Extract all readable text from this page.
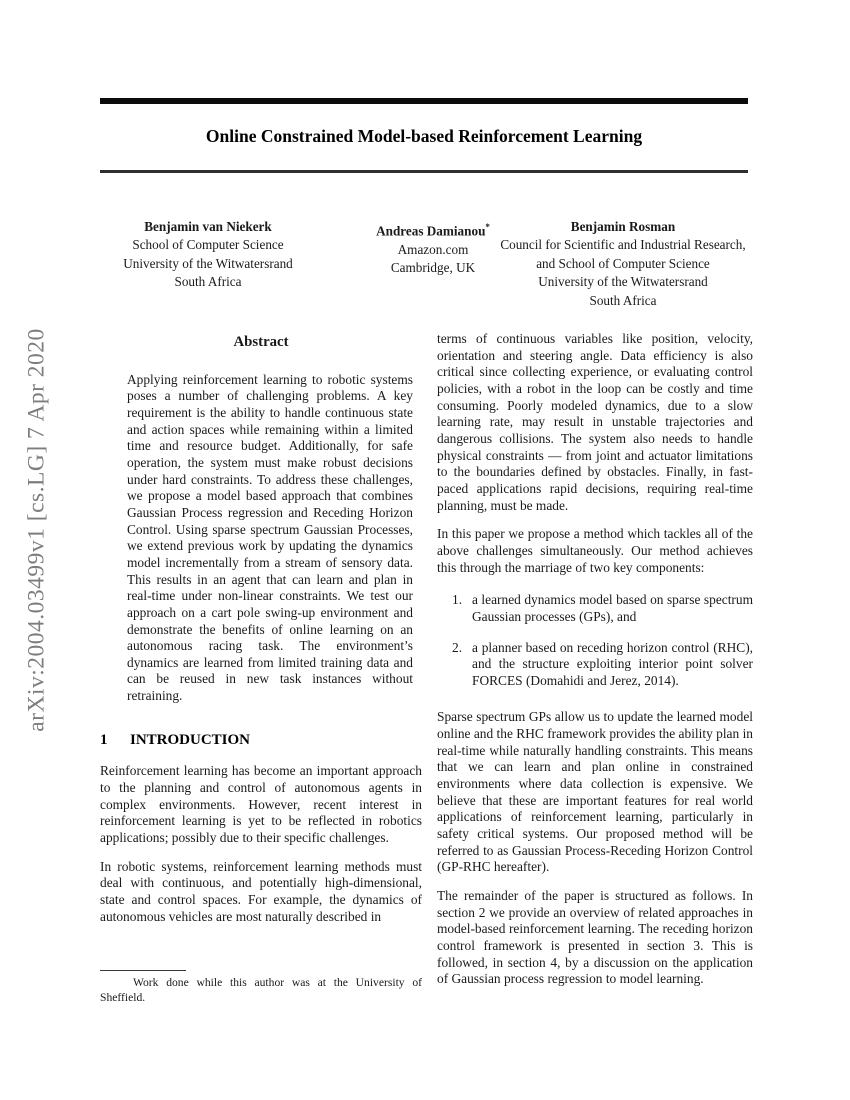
arXiv:2004.03499v1 [cs.LG] 7 Apr 2020
Online Constrained Model-based Reinforcement Learning
Benjamin van Niekerk
School of Computer Science
University of the Witwatersrand
South Africa
Andreas Damianou*
Amazon.com
Cambridge, UK
Benjamin Rosman
Council for Scientific and Industrial Research,
and School of Computer Science
University of the Witwatersrand
South Africa
Abstract

Applying reinforcement learning to robotic systems poses a number of challenging problems. A key requirement is the ability to handle continuous state and action spaces while remaining within a limited time and resource budget. Additionally, for safe operation, the system must make robust decisions under hard constraints. To address these challenges, we propose a model based approach that combines Gaussian Process regression and Receding Horizon Control. Using sparse spectrum Gaussian Processes, we extend previous work by updating the dynamics model incrementally from a stream of sensory data. This results in an agent that can learn and plan in real-time under non-linear constraints. We test our approach on a cart pole swing-up environment and demonstrate the benefits of online learning on an autonomous racing task. The environment’s dynamics are learned from limited training data and can be reused in new task instances without retraining.

1	INTRODUCTION

Reinforcement learning has become an important approach to the planning and control of autonomous agents in complex environments. However, recent interest in reinforcement learning is yet to be reflected in robotics applications; possibly due to their specific challenges.

In robotic systems, reinforcement learning methods must deal with continuous, and potentially high-dimensional, state and control spaces. For example, the dynamics of autonomous vehicles are most naturally described in

Work done while this author was at the University of Sheffield.

terms of continuous variables like position, velocity, orientation and steering angle. Data efficiency is also critical since collecting experience, or evaluating control policies, with a robot in the loop can be costly and time consuming. Poorly modeled dynamics, due to a slow learning rate, may result in unstable trajectories and dangerous collisions. The system also needs to handle physical constraints — from joint and actuator limitations to the boundaries defined by obstacles. Finally, in fast-paced applications rapid decisions, requiring real-time planning, must be made.

In this paper we propose a method which tackles all of the above challenges simultaneously. Our method achieves this through the marriage of two key components:

1. a learned dynamics model based on sparse spectrum Gaussian processes (GPs), and
2. a planner based on receding horizon control (RHC), and the structure exploiting interior point solver FORCES (Domahidi and Jerez, 2014).

Sparse spectrum GPs allow us to update the learned model online and the RHC framework provides the ability plan in real-time while naturally handling constraints. This means that we can learn and plan online in constrained environments where data collection is expensive. We believe that these are important features for real world applications of reinforcement learning, particularly in safety critical systems. Our proposed method will be referred to as Gaussian Process-Receding Horizon Control (GP-RHC hereafter).

The remainder of the paper is structured as follows. In section 2 we provide an overview of related approaches in model-based reinforcement learning. The receding horizon control framework is presented in section 3. This is followed, in section 4, by a discussion on the application of Gaussian process regression to model learning.
